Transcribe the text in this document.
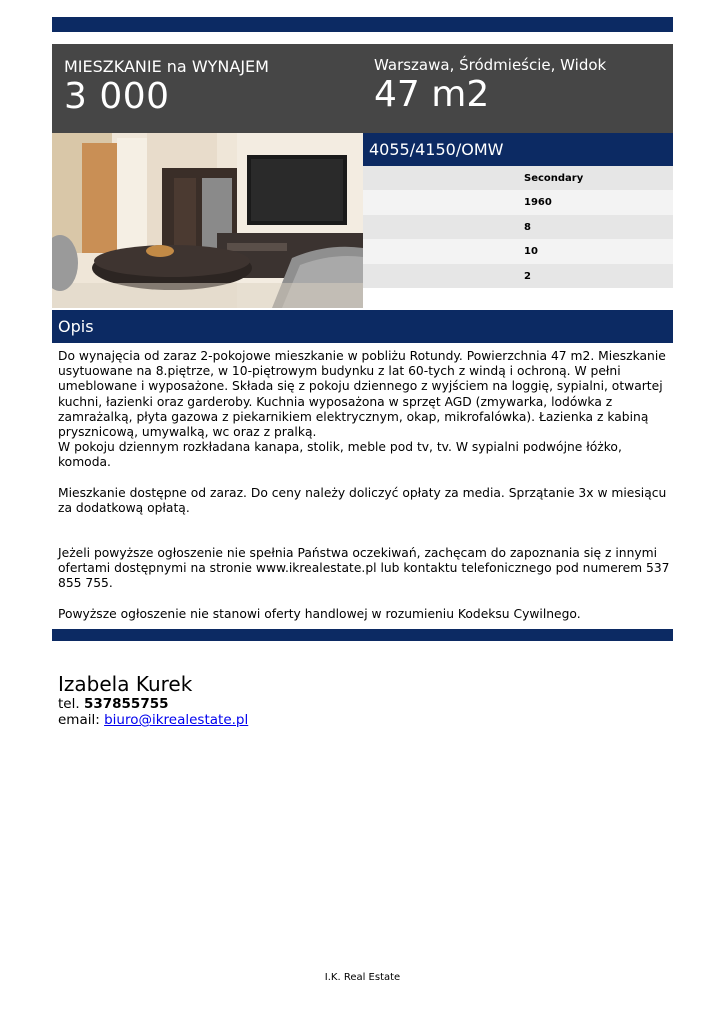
MIESZKANIE na WYNAJEM
3 000
Warszawa, Śródmieście, Widok
47 m2
4055/4150/OMW
Secondary
1960
8
10
2
Opis

Do wynajęcia od zaraz 2-pokojowe mieszkanie w pobliżu Rotundy. Powierzchnia 47 m2. Mieszkanie usytuowane na 8.piętrze, w 10-piętrowym budynku z lat 60-tych z windą i ochroną. W pełni umeblowane i wyposażone. Składa się z pokoju dziennego z wyjściem na loggię, sypialni, otwartej kuchni, łazienki oraz garderoby. Kuchnia wyposażona w sprzęt AGD (zmywarka, lodówka z zamrażalką, płyta gazowa z piekarnikiem elektrycznym, okap, mikrofalówka). Łazienka z kabiną prysznicową, umywalką, wc oraz z pralką.

W pokoju dziennym rozkładana kanapa, stolik, meble pod tv, tv. W sypialni podwójne łóżko, komoda.

Mieszkanie dostępne od zaraz. Do ceny należy doliczyć opłaty za media. Sprzątanie 3x w miesiącu za dodatkową opłatą.

Jeżeli powyższe ogłoszenie nie spełnia Państwa oczekiwań, zachęcam do zapoznania się z innymi ofertami dostępnymi na stronie www.ikrealestate.pl lub kontaktu telefonicznego pod numerem 537 855 755.

Powyższe ogłoszenie nie stanowi oferty handlowej w rozumieniu Kodeksu Cywilnego.

Izabela Kurek
tel. 537855755
email: biuro@ikrealestate.pl
I.K. Real Estate
